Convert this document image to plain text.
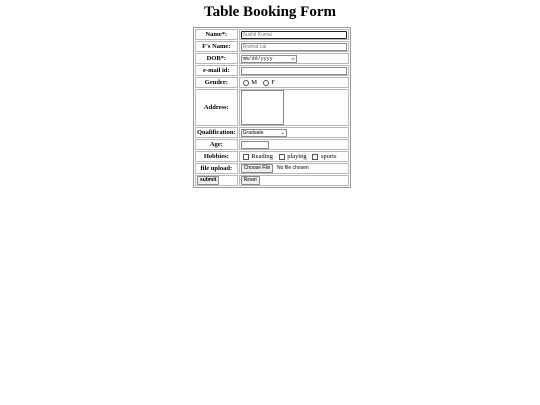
Table Booking Form
Name*:	Sushil Kumar

F's Name:	Roshal Lal

DOB*:	mm/dd/yyyy ▭

e-mail id:	

Gender:	M F
Address:	

Qualification:	Graduate ⌄

Age:	

Hobbies:	Reading playing sports
file upload:	Choose File No file chosen
submit	Reset
